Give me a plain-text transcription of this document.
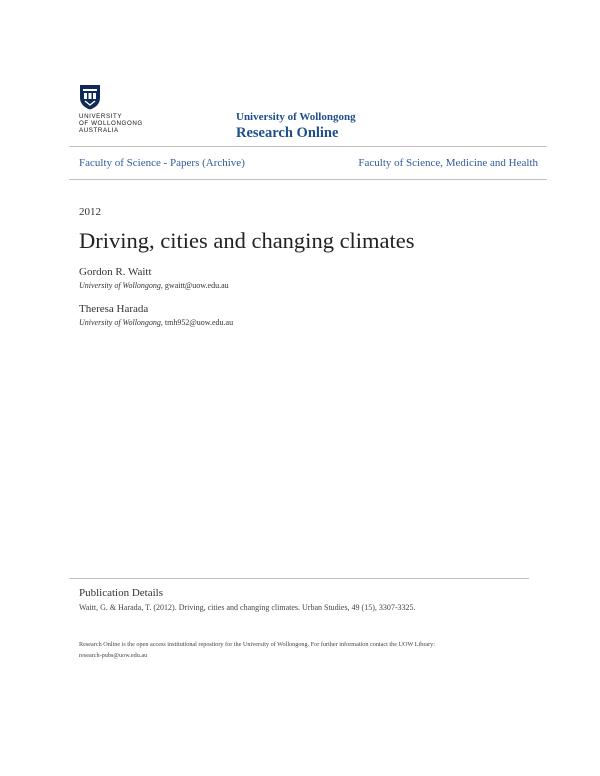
UNIVERSITY
OF WOLLONGONG
AUSTRALIA
University of Wollongong
Research Online
Faculty of Science - Papers (Archive)	Faculty of Science, Medicine and Health
2012
Driving, cities and changing climates
Gordon R. Waitt
University of Wollongong, gwaitt@uow.edu.au
Theresa Harada
University of Wollongong, tmh952@uow.edu.au
Publication Details
Waitt, G. & Harada, T. (2012). Driving, cities and changing climates. Urban Studies, 49 (15), 3307-3325.
Research Online is the open access institutional repository for the University of Wollongong. For further information contact the UOW Library:
research-pubs@uow.edu.au
